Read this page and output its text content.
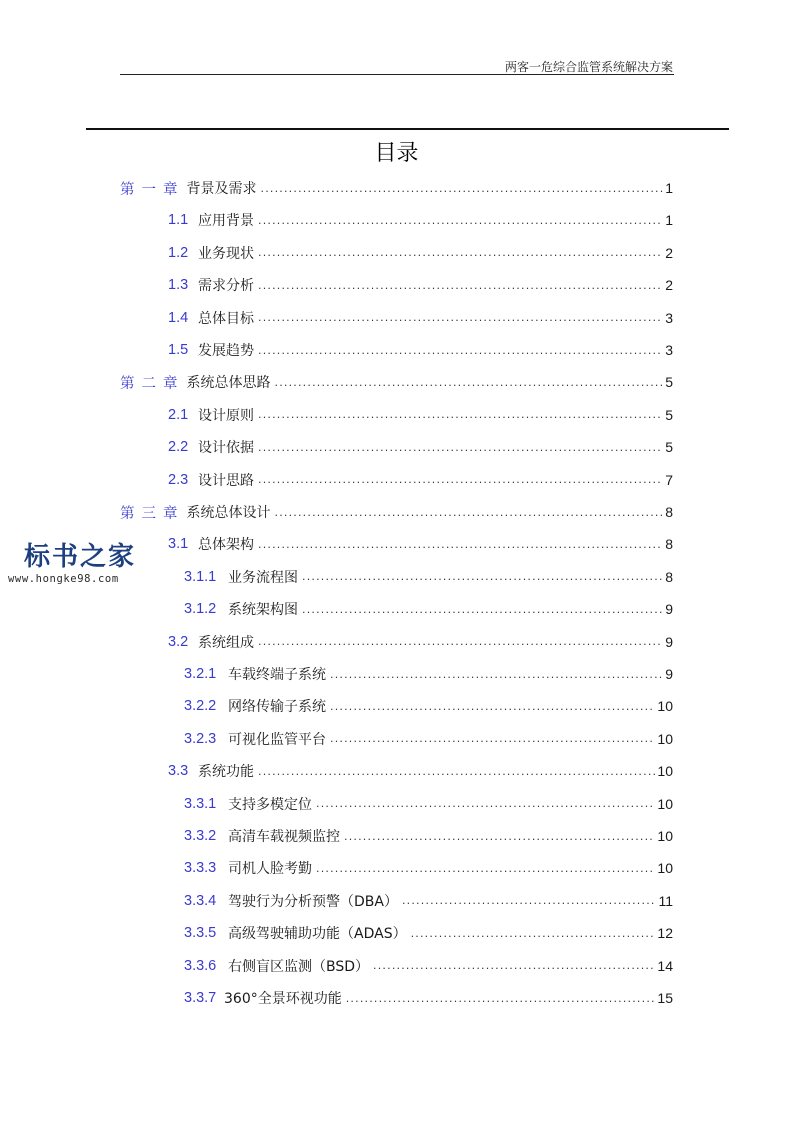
两客一危综合监管系统解决方案
目录
第一章 背景及需求 .....	1
1.1 应用背景 .....	1
1.2 业务现状 .....	2
1.3 需求分析 .....	2
1.4 总体目标 .....	3
1.5 发展趋势 .....	3
第二章 系统总体思路 .....	5
2.1 设计原则 .....	5
2.2 设计依据 .....	5
2.3 设计思路 .....	7
第三章 系统总体设计 .....	8
3.1 总体架构 .....	8
3.1.1 业务流程图 .....	8
3.1.2 系统架构图 .....	9
3.2 系统组成 .....	9
3.2.1 车载终端子系统 .....	9
3.2.2 网络传输子系统 .....	10
3.2.3 可视化监管平台 .....	10
3.3 系统功能 .....	10
3.3.1 支持多模定位 .....	10
3.3.2 高清车载视频监控 .....	10
3.3.3 司机人脸考勤 .....	10
3.3.4 驾驶行为分析预警（DBA） .....	11
3.3.5 高级驾驶辅助功能（ADAS） .....	12
3.3.6 右侧盲区监测（BSD） .....	14
3.3.7 360°全景环视功能 .....	15
标书之家
www.hongke98.com
